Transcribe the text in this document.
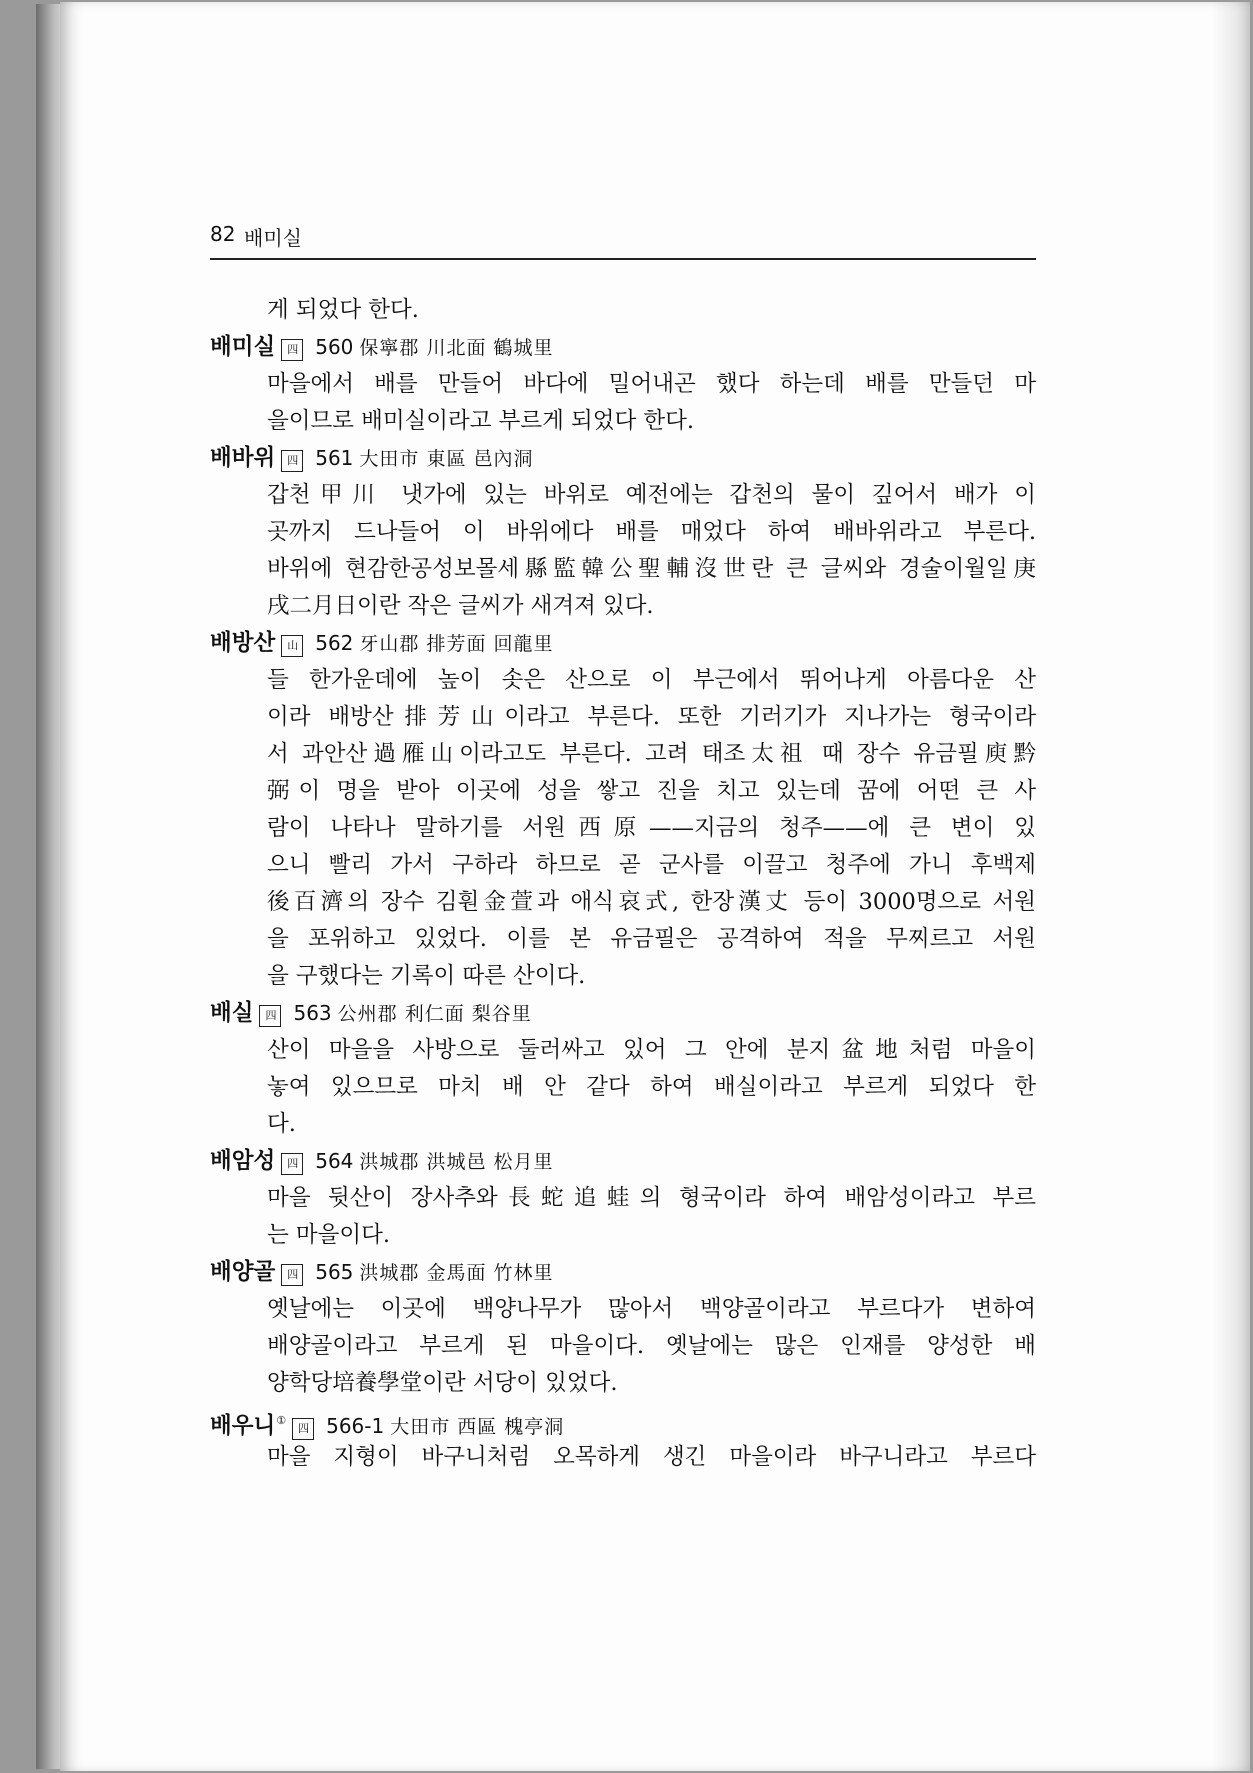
82 배미실
게 되었다 한다.
배미실 四 560 保寧郡 川北面 鶴城里
마을에서 배를 만들어 바다에 밀어내곤 했다 하는데 배를 만들던 마
을이므로 배미실이라고 부르게 되었다 한다.
배바위 四 561 大田市 東區 邑內洞
갑천甲川 냇가에 있는 바위로 예전에는 갑천의 물이 깊어서 배가 이
곳까지 드나들어 이 바위에다 배를 매었다 하여 배바위라고 부른다.
바위에 현감한공성보몰세縣監韓公聖輔沒世란 큰 글씨와 경술이월일庚
戌二月日이란 작은 글씨가 새겨져 있다.
배방산 山 562 牙山郡 排芳面 回龍里
들 한가운데에 높이 솟은 산으로 이 부근에서 뛰어나게 아름다운 산
이라 배방산排芳山이라고 부른다. 또한 기러기가 지나가는 형국이라
서 과안산過雁山이라고도 부른다. 고려 태조太祖 때 장수 유금필庾黔
弼이 명을 받아 이곳에 성을 쌓고 진을 치고 있는데 꿈에 어떤 큰 사
람이 나타나 말하기를 서원西原——지금의 청주——에 큰 변이 있
으니 빨리 가서 구하라 하므로 곧 군사를 이끌고 청주에 가니 후백제
後百濟의 장수 김훤金萱과 애식哀式, 한장漢丈 등이 3000명으로 서원
을 포위하고 있었다. 이를 본 유금필은 공격하여 적을 무찌르고 서원
을 구했다는 기록이 따른 산이다.
배실 四 563 公州郡 利仁面 梨谷里
산이 마을을 사방으로 둘러싸고 있어 그 안에 분지盆地처럼 마을이
놓여 있으므로 마치 배 안 같다 하여 배실이라고 부르게 되었다 한
다.
배암성 四 564 洪城郡 洪城邑 松月里
마을 뒷산이 장사추와長蛇追蛙의 형국이라 하여 배암성이라고 부르
는 마을이다.
배양골 四 565 洪城郡 金馬面 竹林里
옛날에는 이곳에 백양나무가 많아서 백양골이라고 부르다가 변하여
배양골이라고 부르게 된 마을이다. 옛날에는 많은 인재를 양성한 배
양학당培養學堂이란 서당이 있었다.
배우니①四 566-1 大田市 西區 槐亭洞
마을 지형이 바구니처럼 오목하게 생긴 마을이라 바구니라고 부르다
